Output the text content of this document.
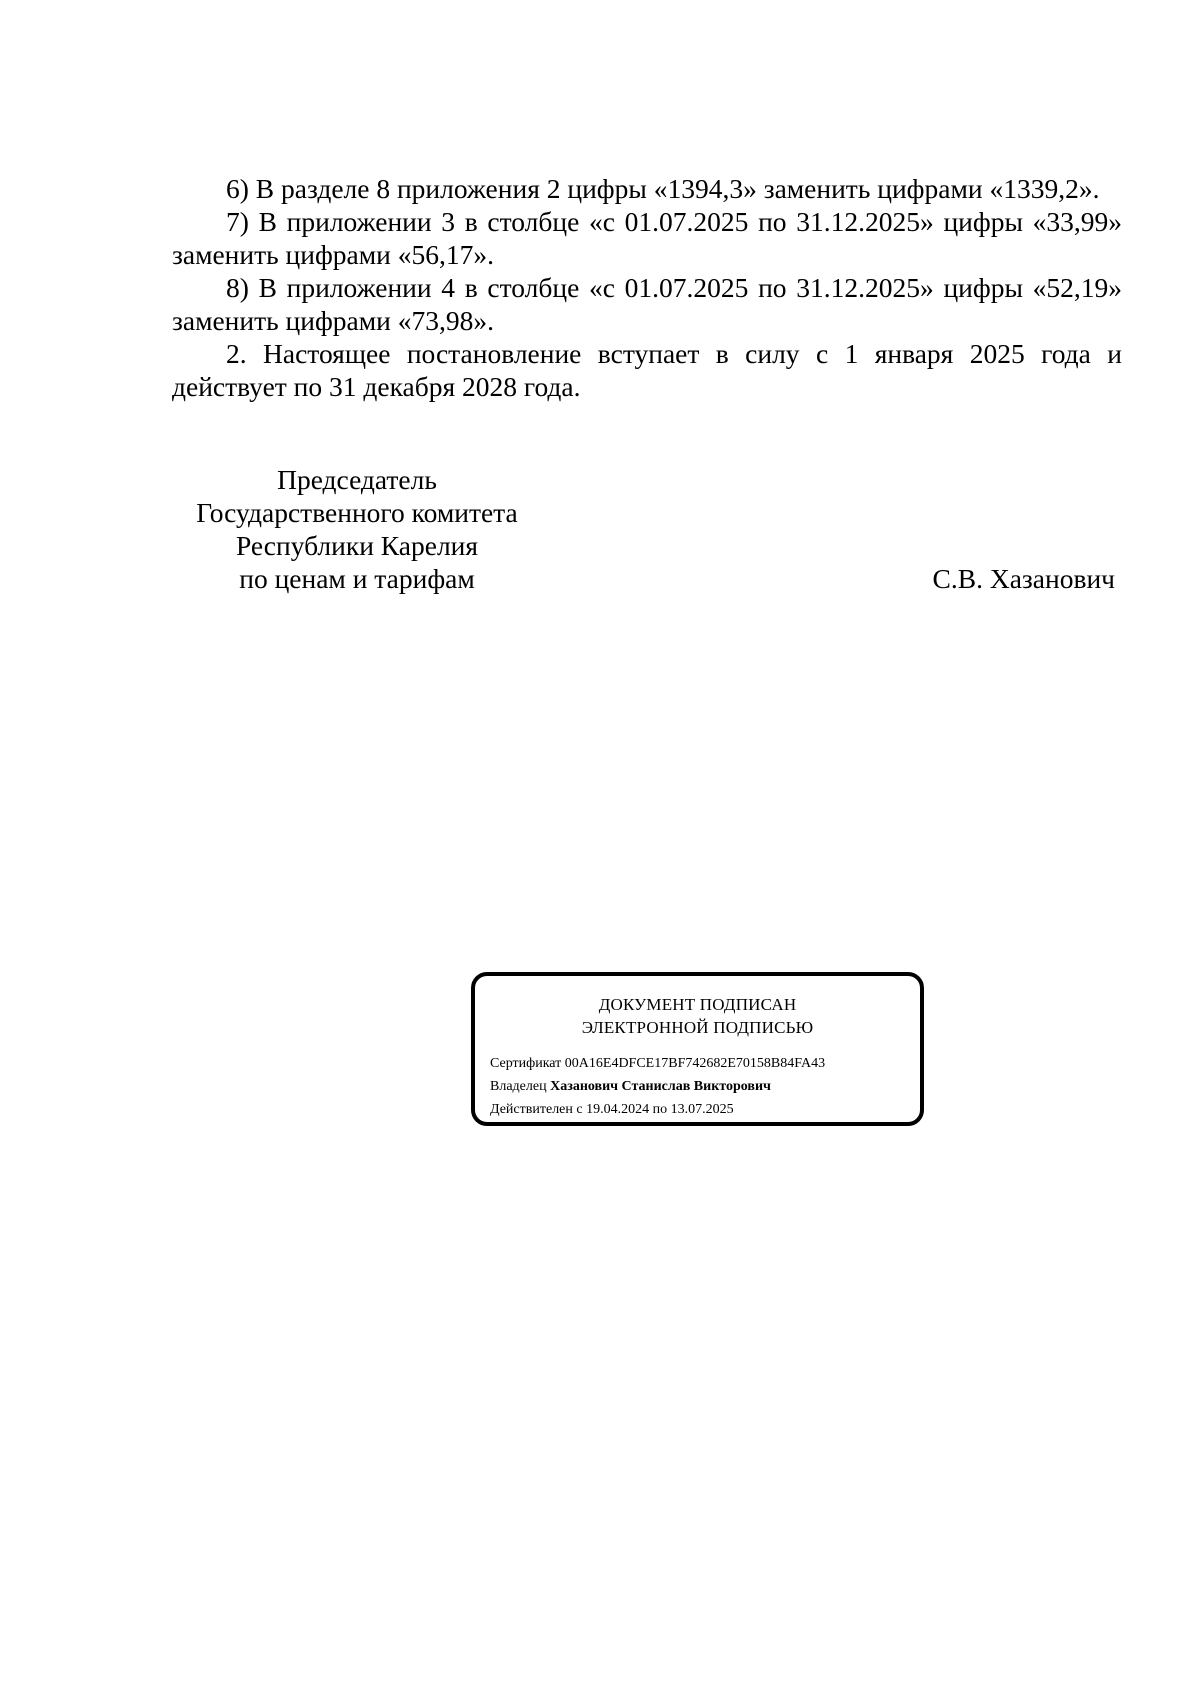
6) В разделе 8 приложения 2 цифры «1394,3» заменить цифрами «1339,2».

7) В приложении 3 в столбце «с 01.07.2025 по 31.12.2025» цифры «33,99» заменить цифрами «56,17».

8) В приложении 4 в столбце «с 01.07.2025 по 31.12.2025» цифры «52,19» заменить цифрами «73,98».

2. Настоящее постановление вступает в силу с 1 января 2025 года и действует по 31 декабря 2028 года.

Председатель
Государственного комитета
Республики Карелия
по ценам и тарифам	С.В. Хазанович
ДОКУМЕНТ ПОДПИСАН
ЭЛЕКТРОННОЙ ПОДПИСЬЮ
Сертификат 00A16E4DFCE17BF742682E70158B84FA43
Владелец Хазанович Станислав Викторович
Действителен с 19.04.2024 по 13.07.2025
